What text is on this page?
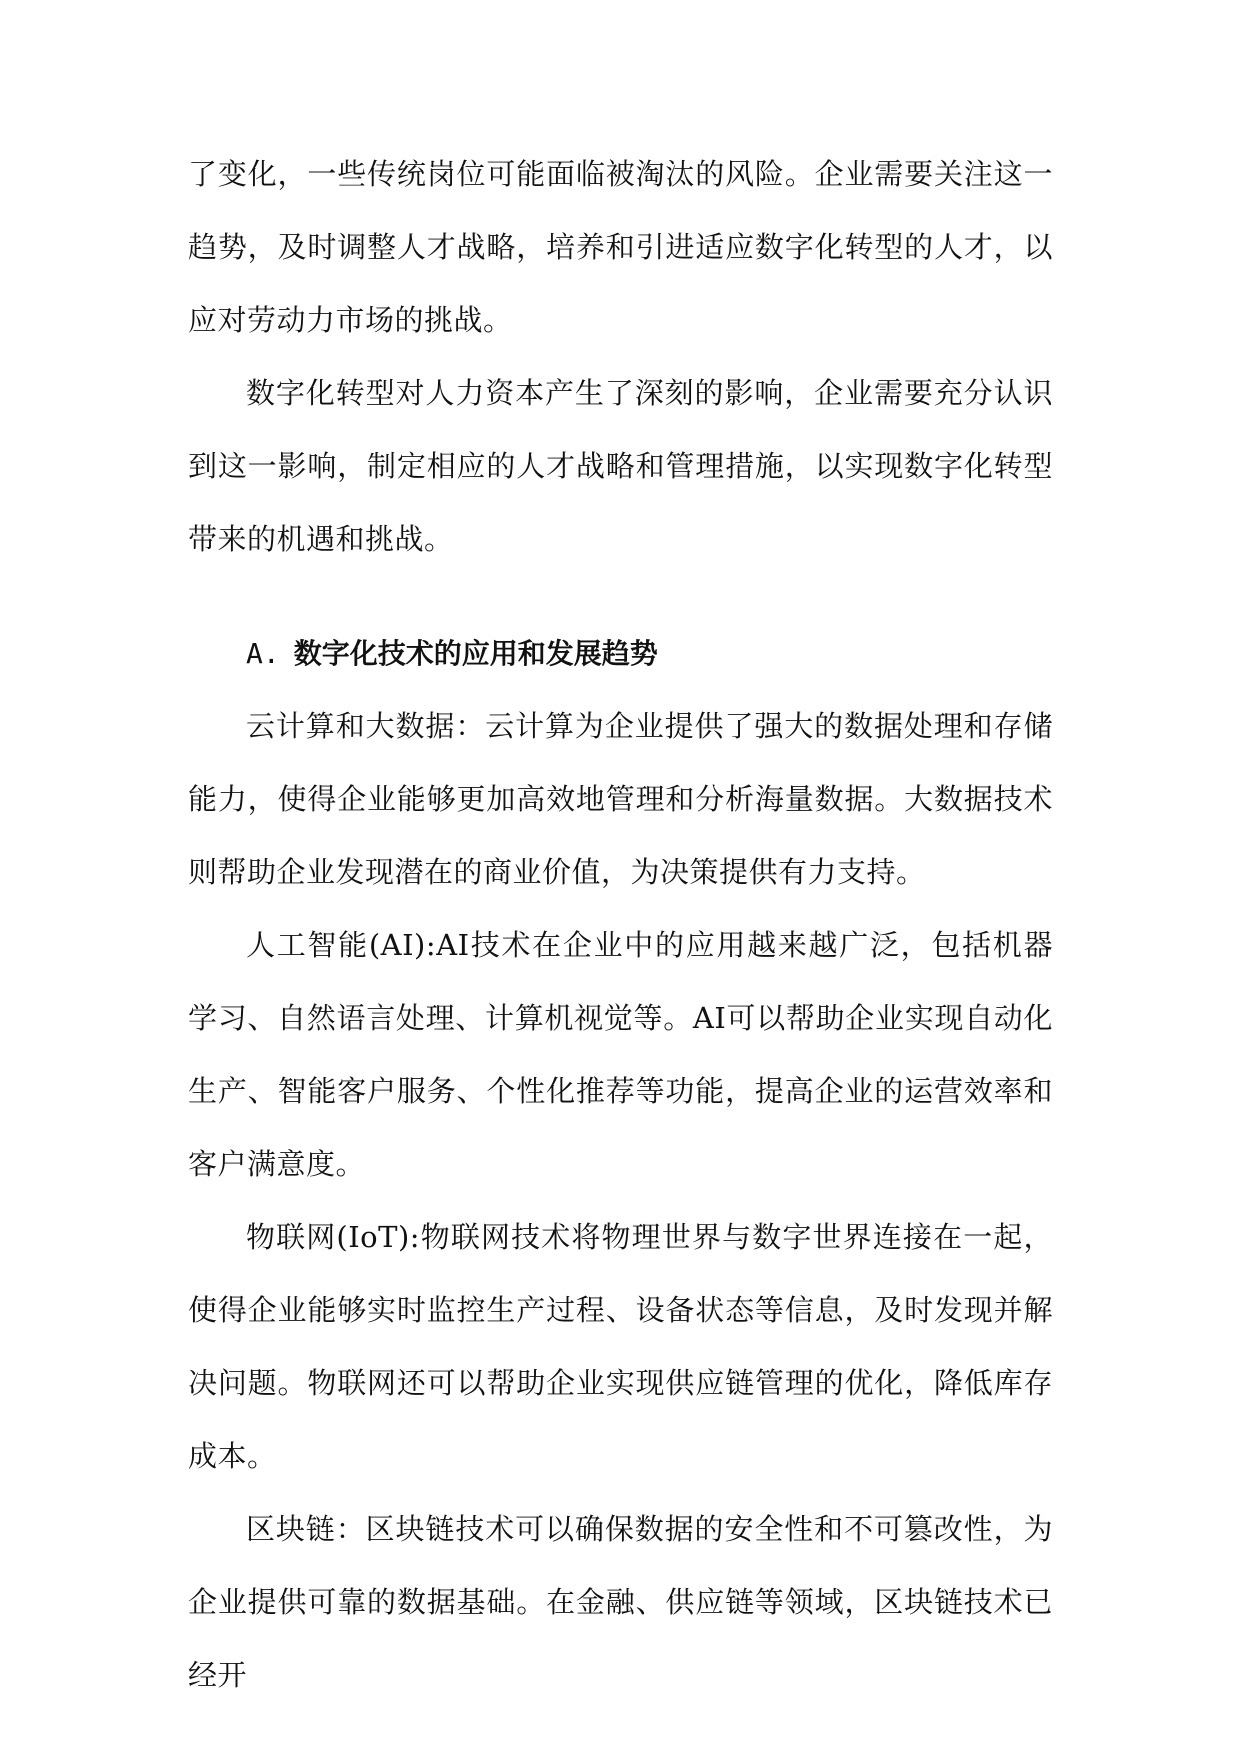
了变化，一些传统岗位可能面临被淘汰的风险。企业需要关注这一趋势，及时调整人才战略，培养和引进适应数字化转型的人才，以应对劳动力市场的挑战。

数字化转型对人力资本产生了深刻的影响，企业需要充分认识到这一影响，制定相应的人才战略和管理措施，以实现数字化转型带来的机遇和挑战。

A. 数字化技术的应用和发展趋势

云计算和大数据：云计算为企业提供了强大的数据处理和存储能力，使得企业能够更加高效地管理和分析海量数据。大数据技术则帮助企业发现潜在的商业价值，为决策提供有力支持。

人工智能(AI):AI技术在企业中的应用越来越广泛，包括机器学习、自然语言处理、计算机视觉等。AI可以帮助企业实现自动化生产、智能客户服务、个性化推荐等功能，提高企业的运营效率和客户满意度。

物联网(IoT):物联网技术将物理世界与数字世界连接在一起，使得企业能够实时监控生产过程、设备状态等信息，及时发现并解决问题。物联网还可以帮助企业实现供应链管理的优化，降低库存成本。

区块链：区块链技术可以确保数据的安全性和不可篡改性，为企业提供可靠的数据基础。在金融、供应链等领域，区块链技术已经开
